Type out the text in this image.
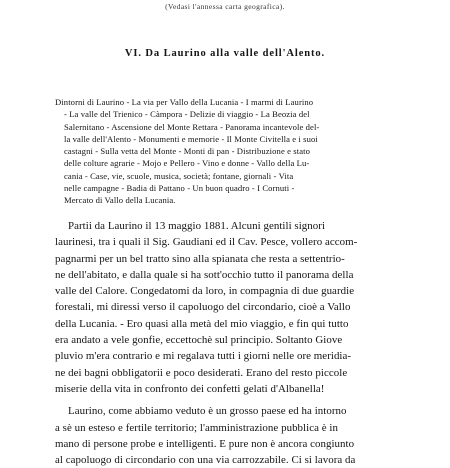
(Vedasi l'annessa carta geografica).
VI. Da Laurino alla valle dell'Alento.
Dintorni di Laurino - La via per Vallo della Lucania - I marmi di Laurino
- La valle del Trienico - Càmpora - Delizie di viaggio - La Beozia del
Salernitano - Ascensione del Monte Rettara - Panorama incantevole del-
la valle dell'Alento - Monumenti e memorie - Il Monte Civitella e i suoi
castagni - Sulla vetta del Monte - Monti di pan - Distribuzione e stato
delle colture agrarie - Mojo e Pellero - Vino e donne - Vallo della Lu-
cania - Case, vie, scuole, musica, società; fontane, giornali - Vita
nelle campagne - Badia di Pattano - Un buon quadro - I Cornuti -
Mercato di Vallo della Lucania.
Partii da Laurino il 13 maggio 1881. Alcuni gentili signori
laurinesi, tra i quali il Sig. Gaudiani ed il Cav. Pesce, vollero accom-
pagnarmi per un bel tratto sino alla spianata che resta a settentrio-
ne dell'abitato, e dalla quale si ha sott'occhio tutto il panorama della
valle del Calore. Congedatomi da loro, in compagnia di due guardie
forestali, mi diressi verso il capoluogo del circondario, cioè a Vallo
della Lucania. - Ero quasi alla metà del mio viaggio, e fin qui tutto
era andato a vele gonfie, eccettochè sul principio. Soltanto Giove
pluvio m'era contrario e mi regalava tutti i giorni nelle ore meridia-
ne dei bagni obbligatorii e poco desiderati. Erano del resto piccole
miserie della vita in confronto dei confetti gelati d'Albanella!
Laurino, come abbiamo veduto è un grosso paese ed ha intorno
a sè un esteso e fertile territorio; l'amministrazione pubblica è in
mano di persone probe e intelligenti. E pure non è ancora congiunto
al capoluogo di circondario con una via carrozzabile. Ci si lavora da
